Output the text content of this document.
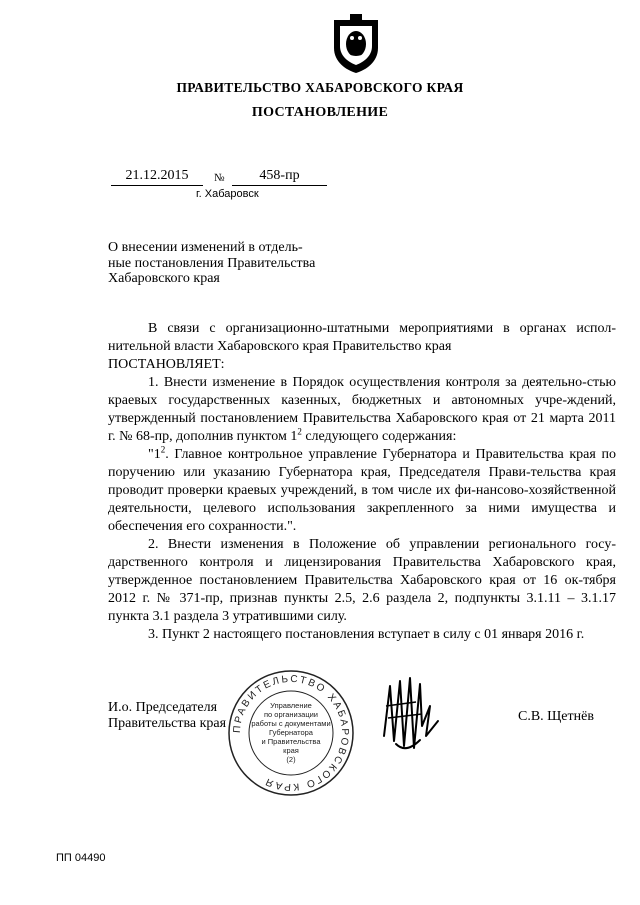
ПРАВИТЕЛЬСТВО ХАБАРОВСКОГО КРАЯ
ПОСТАНОВЛЕНИЕ
21.12.2015	№	458-пр
г. Хабаровск
О внесении изменений в отдель-
ные постановления Правительства
Хабаровского края

В связи с организационно-штатными мероприятиями в органах испол-нительной власти Хабаровского края Правительство края

ПОСТАНОВЛЯЕТ:

1. Внести изменение в Порядок осуществления контроля за деятельно-стью краевых государственных казенных, бюджетных и автономных учре-ждений, утвержденный постановлением Правительства Хабаровского края от 21 марта 2011 г. № 68-пр, дополнив пунктом $1^2$ следующего содержания:

"$1^2$. Главное контрольное управление Губернатора и Правительства края по поручению или указанию Губернатора края, Председателя Прави-тельства края проводит проверки краевых учреждений, в том числе их фи-нансово-хозяйственной деятельности, целевого использования закрепленного за ними имущества и обеспечения его сохранности.".

2. Внести изменения в Положение об управлении регионального госу-дарственного контроля и лицензирования Правительства Хабаровского края, утвержденное постановлением Правительства Хабаровского края от 16 ок-тября 2012 г. № 371-пр, признав пункты 2.5, 2.6 раздела 2, подпункты 3.1.11 – 3.1.17 пункта 3.1 раздела 3 утратившими силу.

3. Пункт 2 настоящего постановления вступает в силу с 01 января 2016 г.

И.о. Председателя
Правительства края ПРАВИТЕЛЬСТВО ХАБАРОВСКОГО КРАЯ
Управление
по организации
работы с документами
Губернатора
и Правительства
края
(2)
С.В. Щетнёв
ПП 04490
